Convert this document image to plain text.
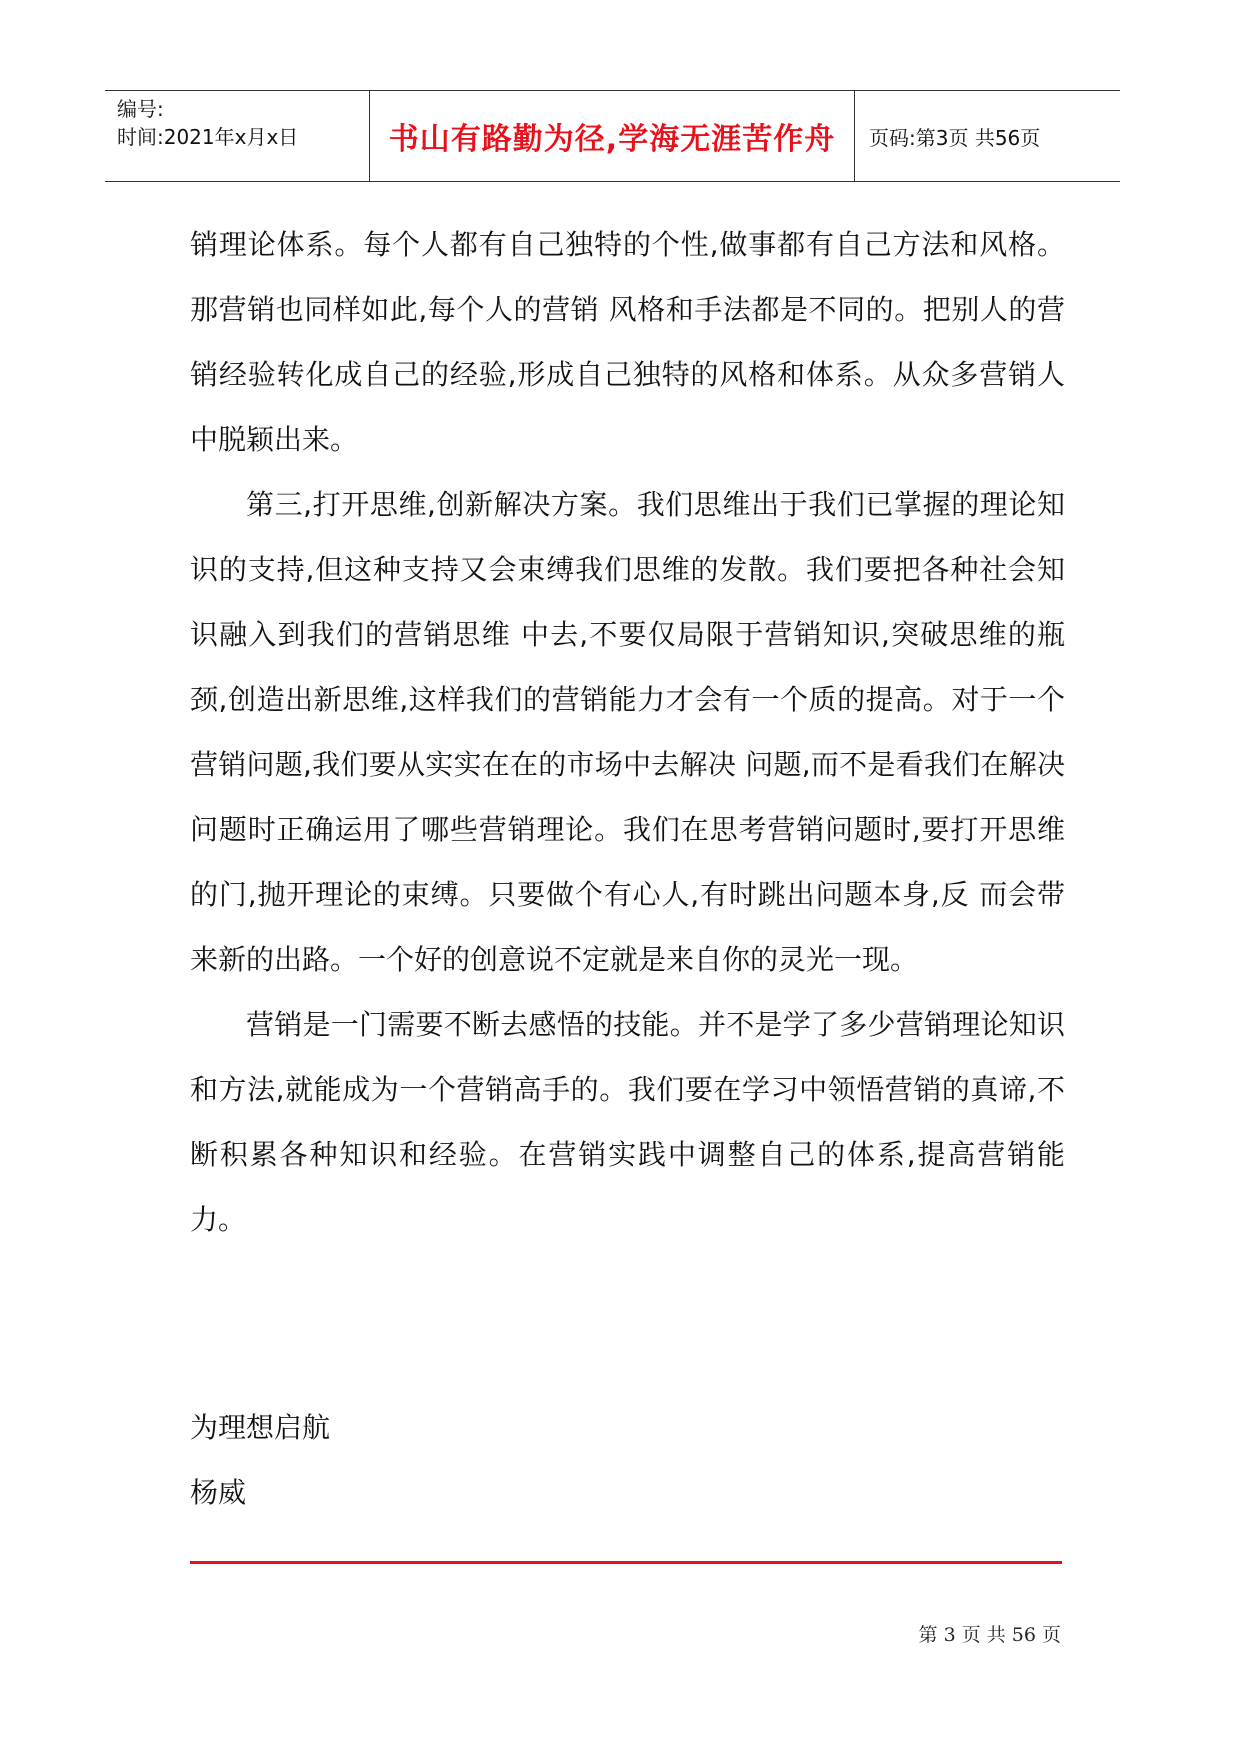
编号:
时间:2021年x月x日	书山有路勤为径,学海无涯苦作舟	页码:第3页 共56页

销理论体系。每个人都有自己独特的个性,做事都有自己方法和风格。那营销也同样如此,每个人的营销 风格和手法都是不同的。把别人的营销经验转化成自己的经验,形成自己独特的风格和体系。从众多营销人中脱颖出来。

第三,打开思维,创新解决方案。我们思维出于我们已掌握的理论知识的支持,但这种支持又会束缚我们思维的发散。我们要把各种社会知识融入到我们的营销思维 中去,不要仅局限于营销知识,突破思维的瓶颈,创造出新思维,这样我们的营销能力才会有一个质的提高。对于一个营销问题,我们要从实实在在的市场中去解决 问题,而不是看我们在解决问题时正确运用了哪些营销理论。我们在思考营销问题时,要打开思维的门,抛开理论的束缚。只要做个有心人,有时跳出问题本身,反 而会带来新的出路。一个好的创意说不定就是来自你的灵光一现。

营销是一门需要不断去感悟的技能。并不是学了多少营销理论知识和方法,就能成为一个营销高手的。我们要在学习中领悟营销的真谛,不断积累各种知识和经验。在营销实践中调整自己的体系,提高营销能力。

为理想启航
杨威
第 3 页 共 56 页
